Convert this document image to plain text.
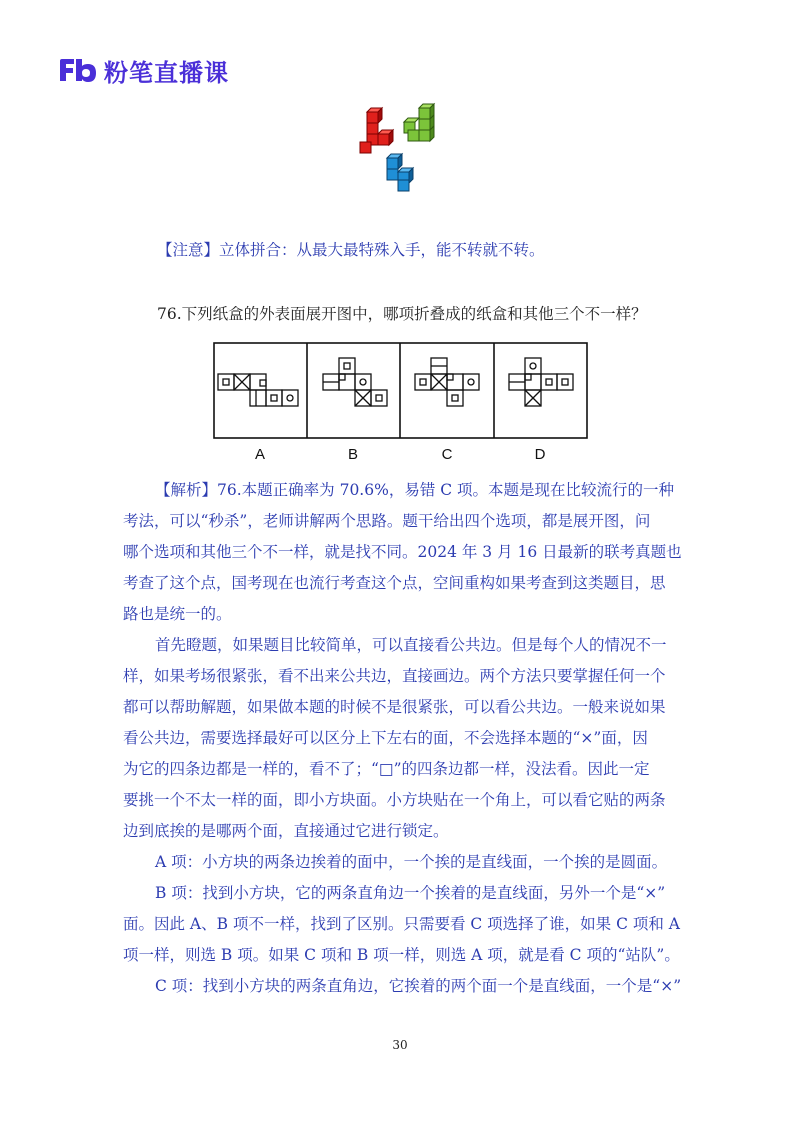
粉笔直播课
【注意】立体拼合：从最大最特殊入手，能不转就不转。
76.下列纸盒的外表面展开图中，哪项折叠成的纸盒和其他三个不一样？
A	B	C	D

【解析】76.本题正确率为 70.6%，易错 C 项。本题是现在比较流行的一种

考法，可以“秒杀”，老师讲解两个思路。题干给出四个选项，都是展开图，问

哪个选项和其他三个不一样，就是找不同。2024 年 3 月 16 日最新的联考真题也

考查了这个点，国考现在也流行考查这个点，空间重构如果考查到这类题目，思

路也是统一的。

首先瞪题，如果题目比较简单，可以直接看公共边。但是每个人的情况不一

样，如果考场很紧张，看不出来公共边，直接画边。两个方法只要掌握任何一个

都可以帮助解题，如果做本题的时候不是很紧张，可以看公共边。一般来说如果

看公共边，需要选择最好可以区分上下左右的面，不会选择本题的“×”面，因

为它的四条边都是一样的，看不了；“□”的四条边都一样，没法看。因此一定

要挑一个不太一样的面，即小方块面。小方块贴在一个角上，可以看它贴的两条

边到底挨的是哪两个面，直接通过它进行锁定。

A 项：小方块的两条边挨着的面中，一个挨的是直线面，一个挨的是圆面。

B 项：找到小方块，它的两条直角边一个挨着的是直线面，另外一个是“×”

面。因此 A、B 项不一样，找到了区别。只需要看 C 项选择了谁，如果 C 项和 A

项一样，则选 B 项。如果 C 项和 B 项一样，则选 A 项，就是看 C 项的“站队”。

C 项：找到小方块的两条直角边，它挨着的两个面一个是直线面，一个是“×”

30
